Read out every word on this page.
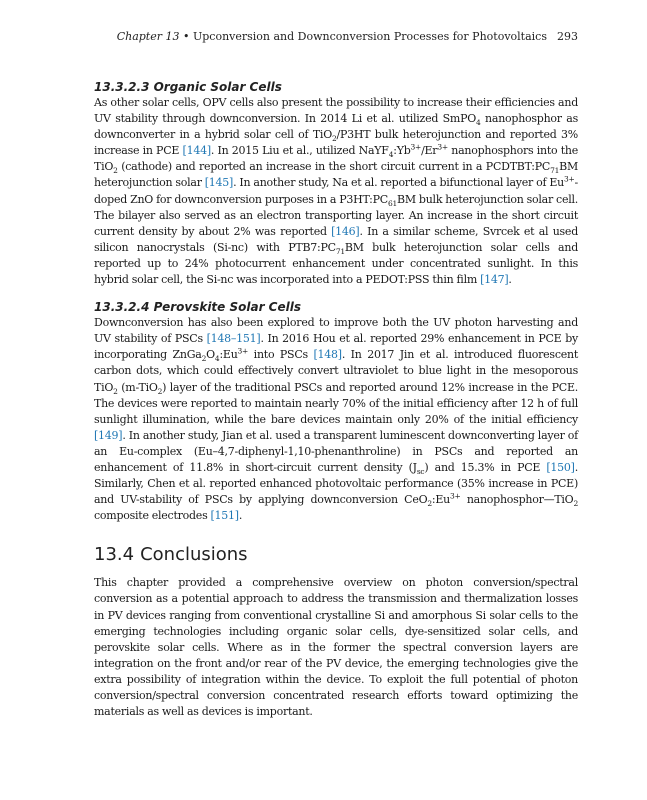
Chapter 13 • Upconversion and Downconversion Processes for Photovoltaics 293
13.3.2.3 Organic Solar Cells

As other solar cells, OPV cells also present the possibility to increase their efficiencies and UV stability through downconversion. In 2014 Li et al. utilized SmPO$_4$ nanophosphor as downconverter in a hybrid solar cell of TiO$_2$/P3HT bulk heterojunction and reported 3% increase in PCE [144]. In 2015 Liu et al., utilized $NaYF_4:Yb^{3+}/Er^{3+}$ nanophosphors into the TiO$_2$ (cathode) and reported an increase in the short circuit current in a $PCDTBT:PC_{71}BM$ heterojunction solar [145]. In another study, Na et al. reported a bifunctional layer of $Eu^{3+}$-doped ZnO for downconversion purposes in a $P3HT:PC_{61}BM$ bulk heterojunction solar cell. The bilayer also served as an electron transporting layer. An increase in the short circuit current density by about 2% was reported [146]. In a similar scheme, Svrcek et al used silicon nanocrystals (Si-nc) with $PTB7:PC_{71}BM$ bulk heterojunction solar cells and reported up to 24% photocurrent enhancement under concentrated sunlight. In this hybrid solar cell, the Si-nc was incorporated into a PEDOT:PSS thin film [147].

13.3.2.4 Perovskite Solar Cells

Downconversion has also been explored to improve both the UV photon harvesting and UV stability of PSCs [148–151]. In 2016 Hou et al. reported 29% enhancement in PCE by incorporating $ZnGa_2O_4:Eu^{3+}$ into PSCs [148]. In 2017 Jin et al. introduced fluorescent carbon dots, which could effectively convert ultraviolet to blue light in the mesoporous TiO$_2$ (m-TiO$_2$) layer of the traditional PSCs and reported around 12% increase in the PCE. The devices were reported to maintain nearly 70% of the initial efficiency after 12 h of full sunlight illumination, while the bare devices maintain only 20% of the initial efficiency [149]. In another study, Jian et al. used a transparent luminescent downconverting layer of an Eu-complex (Eu–4,7-diphenyl-1,10-phenanthroline) in PSCs and reported an enhancement of 11.8% in short-circuit current density $(J_{sc})$ and 15.3% in PCE [150]. Similarly, Chen et al. reported enhanced photovoltaic performance (35% increase in PCE) and UV-stability of PSCs by applying downconversion $CeO_2:Eu^{3+}$ nanophosphor—TiO$_2$ composite electrodes [151].

13.4 Conclusions

This chapter provided a comprehensive overview on photon conversion/spectral conversion as a potential approach to address the transmission and thermalization losses in PV devices ranging from conventional crystalline Si and amorphous Si solar cells to the emerging technologies including organic solar cells, dye-sensitized solar cells, and perovskite solar cells. Where as in the former the spectral conversion layers are integration on the front and/or rear of the PV device, the emerging technologies give the extra possibility of integration within the device. To exploit the full potential of photon conversion/spectral conversion concentrated research efforts toward optimizing the materials as well as devices is important.
